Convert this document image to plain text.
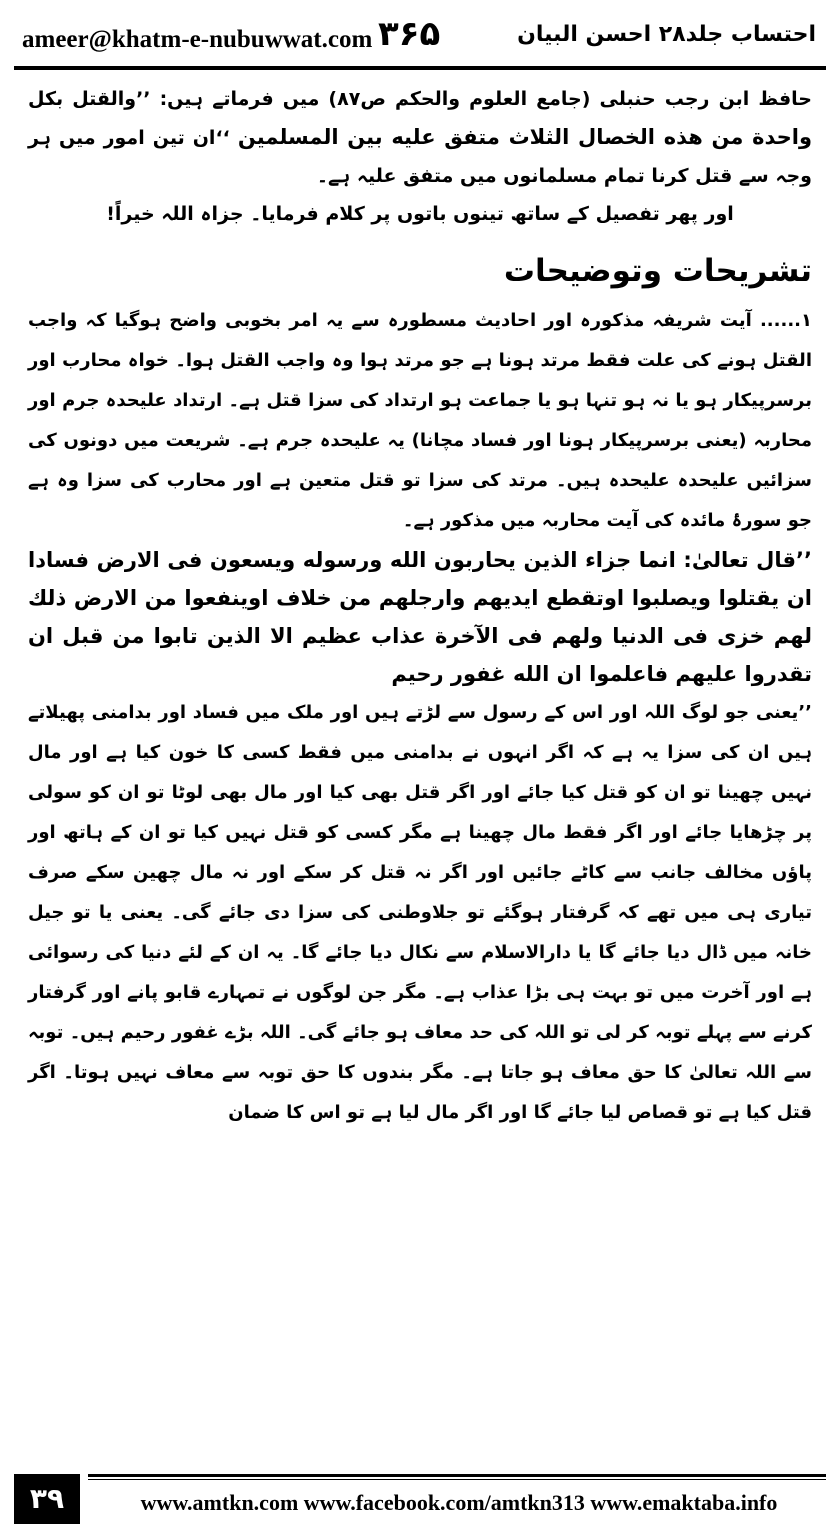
ameer@khatm-e-nubuwwat.com ۳۶۵	احتساب جلد۲۸ احسن البیان

حافظ ابن رجب حنبلی (جامع العلوم والحکم ص۸۷) میں فرماتے ہیں: ’’والقتل بکل واحدة من هذه الخصال الثلاث متفق عليه بين المسلمين ‘‘ان تین امور میں ہر وجہ سے قتل کرنا تمام مسلمانوں میں متفق علیہ ہے۔

اور پھر تفصیل کے ساتھ تینوں باتوں پر کلام فرمایا۔ جزاہ اللہ خیراً!

تشریحات وتوضیحات

۱...... آیت شریفہ مذکورہ اور احادیث مسطورہ سے یہ امر بخوبی واضح ہوگیا کہ واجب القتل ہونے کی علت فقط مرتد ہونا ہے جو مرتد ہوا وہ واجب القتل ہوا۔ خواہ محارب اور برسرپیکار ہو یا نہ ہو تنہا ہو یا جماعت ہو ارتداد کی سزا قتل ہے۔ ارتداد علیحدہ جرم اور محاربہ (یعنی برسرپیکار ہونا اور فساد مچانا) یہ علیحدہ جرم ہے۔ شریعت میں دونوں کی سزائیں علیحدہ علیحدہ ہیں۔ مرتد کی سزا تو قتل متعین ہے اور محارب کی سزا وہ ہے جو سورۂ مائدہ کی آیت محاربہ میں مذکور ہے۔

’’قال تعالیٰ: انما جزاء الذين يحاربون الله ورسوله ويسعون فى الارض فسادا ان يقتلوا ويصلبوا اوتقطع ايديهم وارجلهم من خلاف اوينفعوا من الارض ذلك لهم خزى فى الدنيا ولهم فى الآخرة عذاب عظيم الا الذين تابوا من قبل ان تقدروا عليهم فاعلموا ان الله غفور رحيم

’’یعنی جو لوگ اللہ اور اس کے رسول سے لڑتے ہیں اور ملک میں فساد اور بدامنی پھیلاتے ہیں ان کی سزا یہ ہے کہ اگر انہوں نے بدامنی میں فقط کسی کا خون کیا ہے اور مال نہیں چھینا تو ان کو قتل کیا جائے اور اگر قتل بھی کیا اور مال بھی لوٹا تو ان کو سولی پر چڑھایا جائے اور اگر فقط مال چھینا ہے مگر کسی کو قتل نہیں کیا تو ان کے ہاتھ اور پاؤں مخالف جانب سے کاٹے جائیں اور اگر نہ قتل کر سکے اور نہ مال چھین سکے صرف تیاری ہی میں تھے کہ گرفتار ہوگئے تو جلاوطنی کی سزا دی جائے گی۔ یعنی یا تو جیل خانہ میں ڈال دیا جائے گا یا دارالاسلام سے نکال دیا جائے گا۔ یہ ان کے لئے دنیا کی رسوائی ہے اور آخرت میں تو بہت ہی بڑا عذاب ہے۔ مگر جن لوگوں نے تمہارے قابو پانے اور گرفتار کرنے سے پہلے توبہ کر لی تو اللہ کی حد معاف ہو جائے گی۔ اللہ بڑے غفور رحیم ہیں۔ توبہ سے اللہ تعالیٰ کا حق معاف ہو جاتا ہے۔ مگر بندوں کا حق توبہ سے معاف نہیں ہوتا۔ اگر قتل کیا ہے تو قصاص لیا جائے گا اور اگر مال لیا ہے تو اس کا ضمان

۳۹	www.amtkn.com www.facebook.com/amtkn313 www.emaktaba.info
